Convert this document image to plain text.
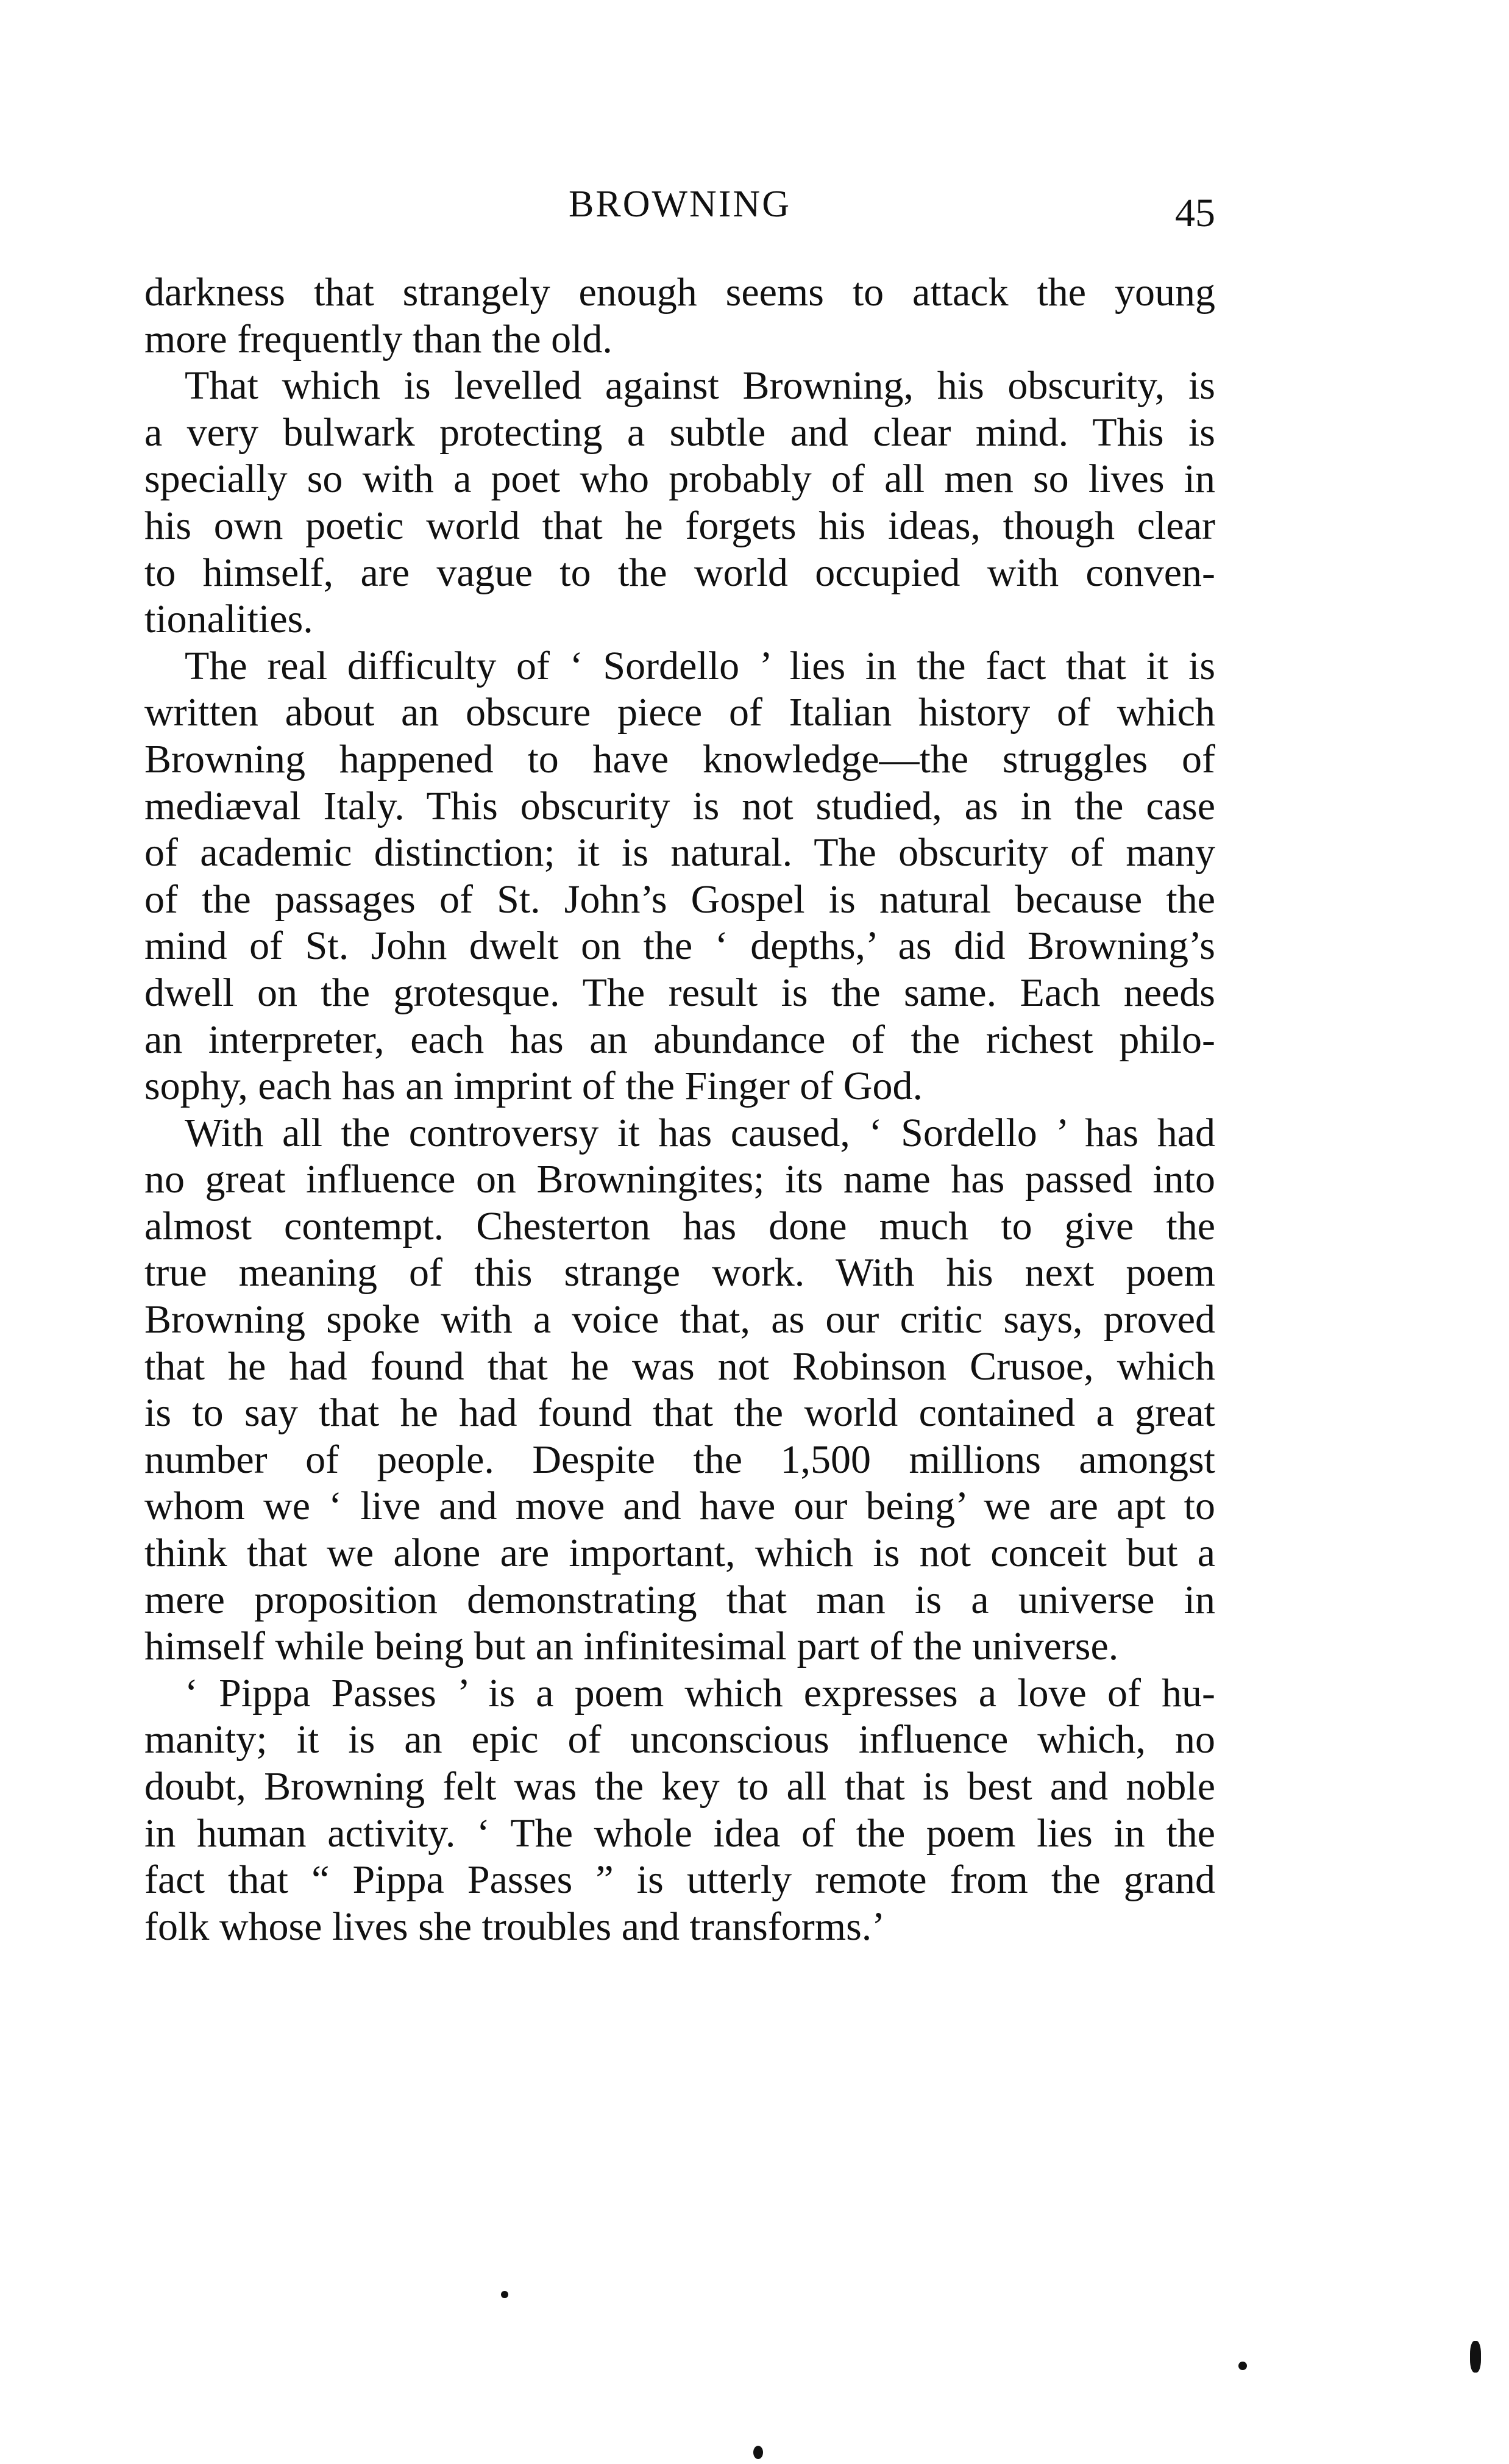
BROWNING	45
darkness that strangely enough seems to attack the young
more frequently than the old.
That which is levelled against Browning, his obscurity, is
a very bulwark protecting a subtle and clear mind. This is
specially so with a poet who probably of all men so lives in
his own poetic world that he forgets his ideas, though clear
to himself, are vague to the world occupied with conven-
tionalities.
The real difficulty of ‘ Sordello ’ lies in the fact that it is
written about an obscure piece of Italian history of which
Browning happened to have knowledge—the struggles of
mediæval Italy. This obscurity is not studied, as in the case
of academic distinction; it is natural. The obscurity of many
of the passages of St. John’s Gospel is natural because the
mind of St. John dwelt on the ‘ depths,’ as did Browning’s
dwell on the grotesque. The result is the same. Each needs
an interpreter, each has an abundance of the richest philo-
sophy, each has an imprint of the Finger of God.
With all the controversy it has caused, ‘ Sordello ’ has had
no great influence on Browningites; its name has passed into
almost contempt. Chesterton has done much to give the
true meaning of this strange work. With his next poem
Browning spoke with a voice that, as our critic says, proved
that he had found that he was not Robinson Crusoe, which
is to say that he had found that the world contained a great
number of people. Despite the 1,500 millions amongst
whom we ‘ live and move and have our being’ we are apt to
think that we alone are important, which is not conceit but a
mere proposition demonstrating that man is a universe in
himself while being but an infinitesimal part of the universe.
‘ Pippa Passes ’ is a poem which expresses a love of hu-
manity; it is an epic of unconscious influence which, no
doubt, Browning felt was the key to all that is best and noble
in human activity. ‘ The whole idea of the poem lies in the
fact that “ Pippa Passes ” is utterly remote from the grand
folk whose lives she troubles and transforms.’
